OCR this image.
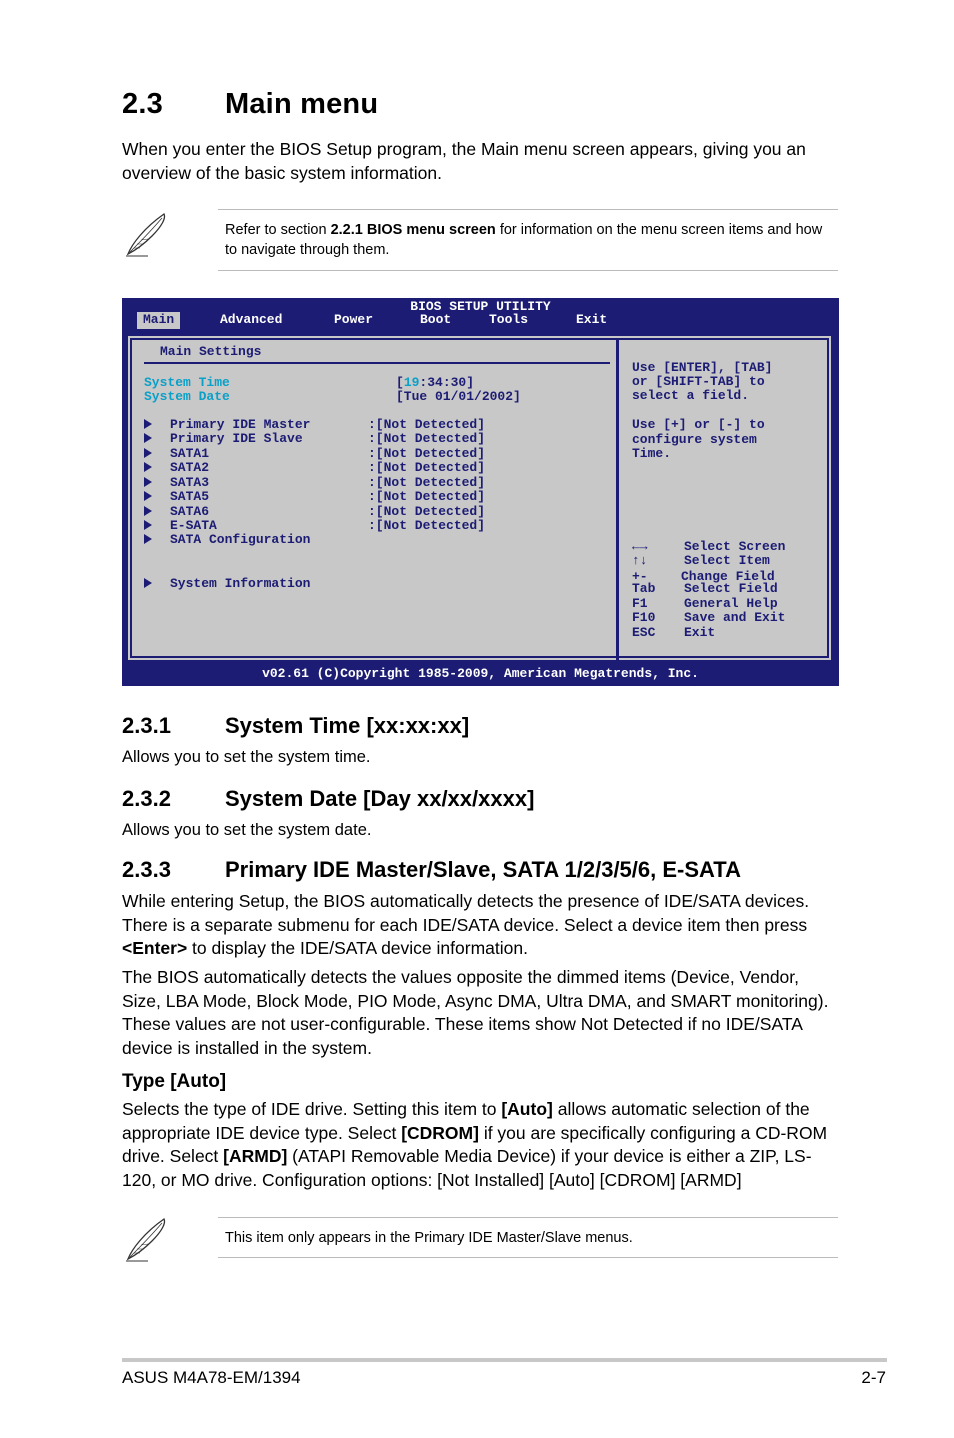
2.3 Main menu

When you enter the BIOS Setup program, the Main menu screen appears, giving you an overview of the basic system information.

Refer to section 2.2.1 BIOS menu screen for information on the menu screen items and how to navigate through them.
BIOS SETUP UTILITY
Main	Advanced	Power	Boot	Tools	Exit
Main Settings
System Time	[19:34:30]
System Date	[Tue 01/01/2002]
Primary IDE Master	:[Not Detected]
Primary IDE Slave	:[Not Detected]
SATA1	:[Not Detected]
SATA2	:[Not Detected]
SATA3	:[Not Detected]
SATA5	:[Not Detected]
SATA6	:[Not Detected]
E-SATA	:[Not Detected]
SATA Configuration
System Information
Use [ENTER], [TAB]
or [SHIFT-TAB] to
select a field.
Use [+] or [-] to
configure system
Time.
←→	Select Screen
↑↓	Select Item
+-	Change Field
Tab Select Field
F1	General Help
F10 Save and Exit
ESC Exit
v02.61 (C)Copyright 1985-2009, American Megatrends, Inc.
2.3.1 System Time [xx:xx:xx]

Allows you to set the system time.

2.3.2 System Date [Day xx/xx/xxxx]

Allows you to set the system date.

2.3.3 Primary IDE Master/Slave, SATA 1/2/3/5/6, E-SATA

While entering Setup, the BIOS automatically detects the presence of IDE/SATA devices. There is a separate submenu for each IDE/SATA device. Select a device item then press <Enter> to display the IDE/SATA device information.

The BIOS automatically detects the values opposite the dimmed items (Device, Vendor, Size, LBA Mode, Block Mode, PIO Mode, Async DMA, Ultra DMA, and SMART monitoring). These values are not user-configurable. These items show Not Detected if no IDE/SATA device is installed in the system.

Type [Auto]

Selects the type of IDE drive. Setting this item to [Auto] allows automatic selection of the appropriate IDE device type. Select [CDROM] if you are specifically configuring a CD-ROM drive. Select [ARMD] (ATAPI Removable Media Device) if your device is either a ZIP, LS-120, or MO drive. Configuration options: [Not Installed] [Auto] [CDROM] [ARMD]

This item only appears in the Primary IDE Master/Slave menus.
ASUS M4A78-EM/1394	2-7
